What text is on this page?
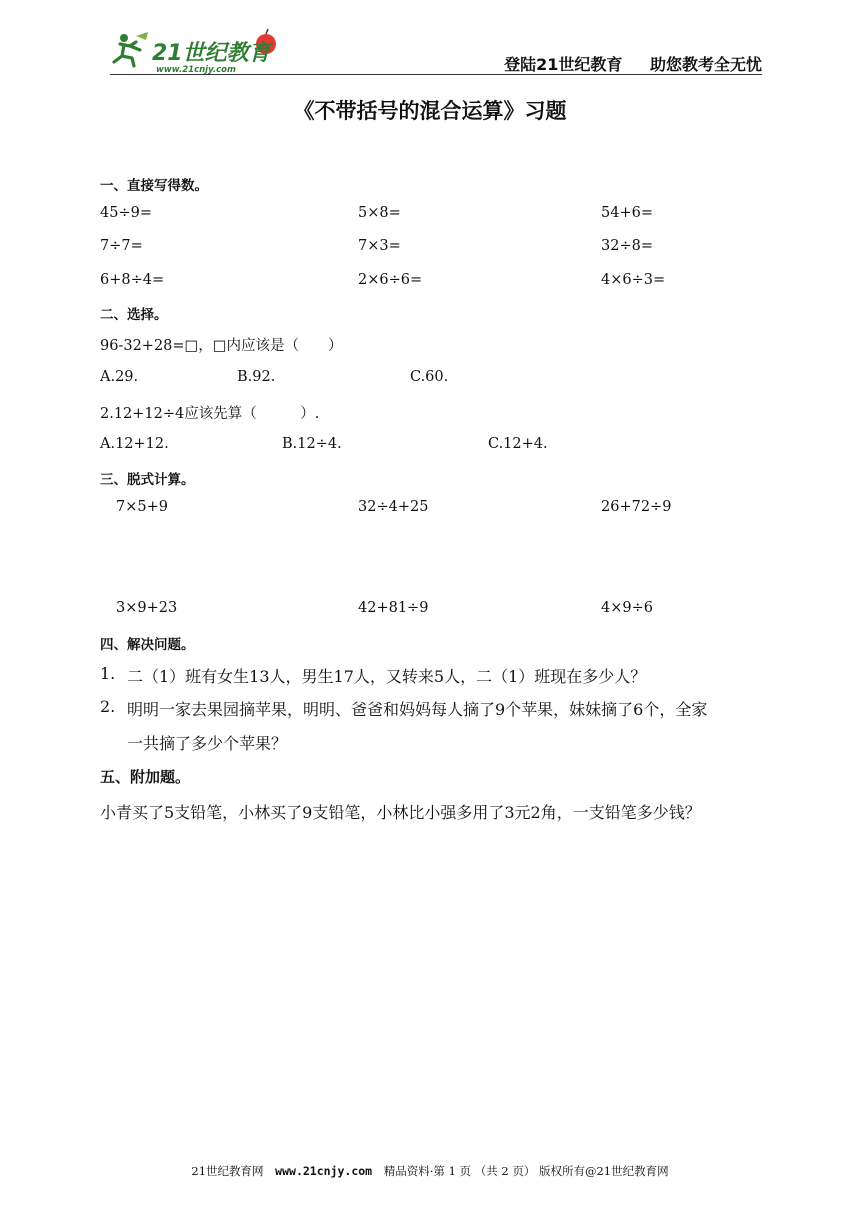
21世纪教育
www.21cnjy.com	登陆21世纪教育 助您教考全无忧
《不带括号的混合运算》习题
一、直接写得数。
45÷9=	5×8=	54+6=
7÷7=	7×3=	32÷8=
6+8÷4=	2×6÷6=	4×6÷3=
二、选择。
96-32+28=□，□内应该是（　　）
A.29.	B.92.	C.60.
2.12+12÷4应该先算（　　　）.
A.12+12.	B.12÷4.	C.12+4.
三、脱式计算。
7×5+9	32÷4+25	26+72÷9
3×9+23	42+81÷9	4×9÷6
四、解决问题。
1. 二（1）班有女生13人，男生17人，又转来5人，二（1）班现在多少人？
2. 明明一家去果园摘苹果，明明、爸爸和妈妈每人摘了9个苹果，妹妹摘了6个，全家
一共摘了多少个苹果？
五、附加题。
小青买了5支铅笔，小林买了9支铅笔，小林比小强多用了3元2角，一支铅笔多少钱？
21世纪教育网 www.21cnjy.com 精品资料·第 1 页 （共 2 页） 版权所有@21世纪教育网
